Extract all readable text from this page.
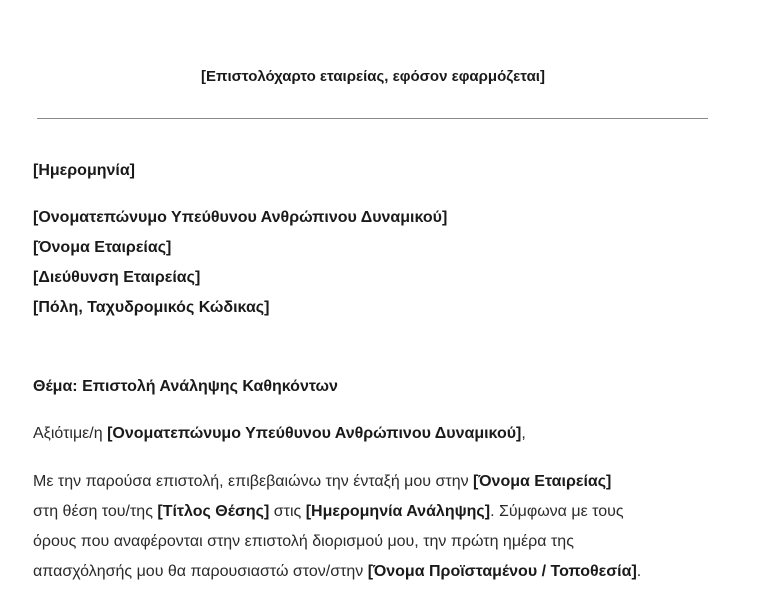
[Επιστολόχαρτο εταιρείας, εφόσον εφαρμόζεται]
[Ημερομηνία]
[Ονοματεπώνυμο Υπεύθυνου Ανθρώπινου Δυναμικού]
[Όνομα Εταιρείας]
[Διεύθυνση Εταιρείας]
[Πόλη, Ταχυδρομικός Κώδικας]
Θέμα: Επιστολή Ανάληψης Καθηκόντων
Αξιότιμε/η [Ονοματεπώνυμο Υπεύθυνου Ανθρώπινου Δυναμικού],
Με την παρούσα επιστολή, επιβεβαιώνω την ένταξή μου στην [Όνομα Εταιρείας]
στη θέση του/της [Τίτλος Θέσης] στις [Ημερομηνία Ανάληψης]. Σύμφωνα με τους
όρους που αναφέρονται στην επιστολή διορισμού μου, την πρώτη ημέρα της
απασχόλησής μου θα παρουσιαστώ στον/στην [Όνομα Προϊσταμένου / Τοποθεσία].
